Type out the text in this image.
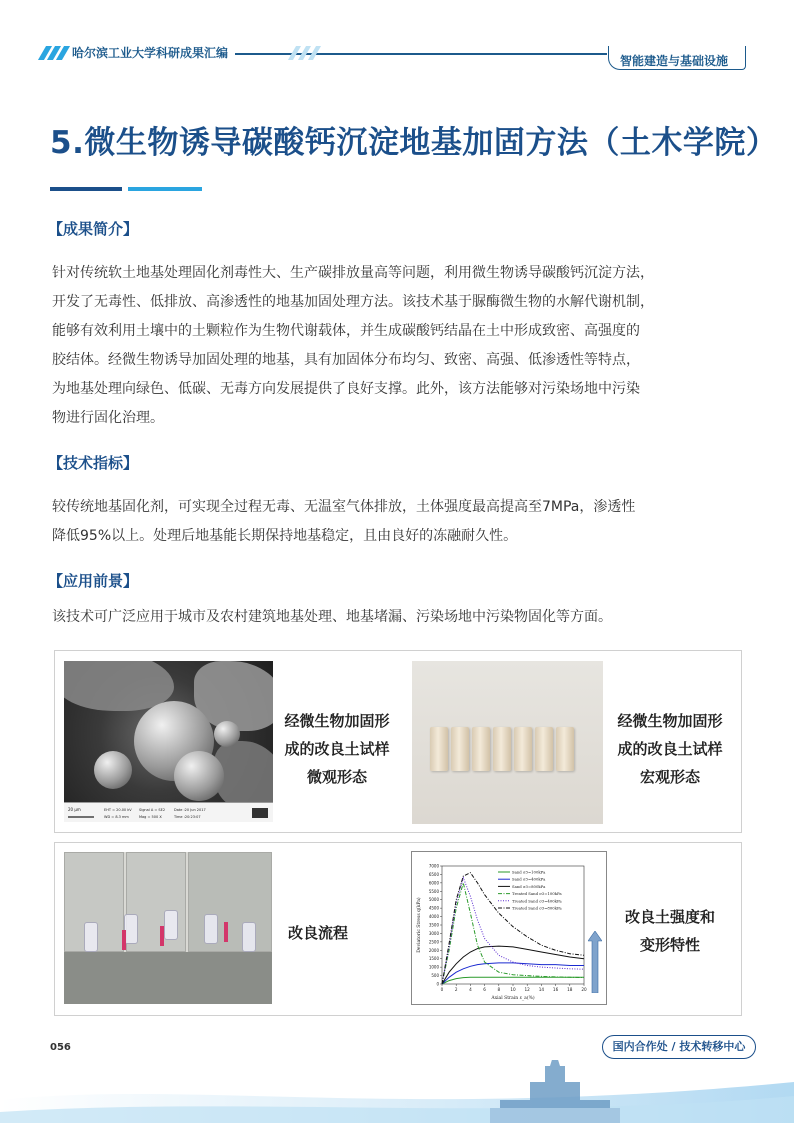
哈尔滨工业大学科研成果汇编
智能建造与基础设施
5.微生物诱导碳酸钙沉淀地基加固方法（土木学院）
【成果简介】
针对传统软土地基处理固化剂毒性大、生产碳排放量高等问题，利用微生物诱导碳酸钙沉淀方法，
开发了无毒性、低排放、高渗透性的地基加固处理方法。该技术基于脲酶微生物的水解代谢机制，
能够有效利用土壤中的土颗粒作为生物代谢载体，并生成碳酸钙结晶在土中形成致密、高强度的
胶结体。经微生物诱导加固处理的地基，具有加固体分布均匀、致密、高强、低渗透性等特点，
为地基处理向绿色、低碳、无毒方向发展提供了良好支撑。此外，该方法能够对污染场地中污染
物进行固化治理。
【技术指标】
较传统地基固化剂，可实现全过程无毒、无温室气体排放，土体强度最高提高至7MPa，渗透性
降低95%以上。处理后地基能长期保持地基稳定，且由良好的冻融耐久性。
【应用前景】
该技术可广泛应用于城市及农村建筑地基处理、地基堵漏、污染场地中污染物固化等方面。
20 μm	EHT = 20.00 kV
WD = 8.3 mm
Signal A = SE2
Mag = 500 X
Date :20 Jun 2017
Time :20:23:07
经微生物加固形
成的改良土试样
微观形态
经微生物加固形
成的改良土试样
宏观形态
改良流程
0	2	4	6	8 10 12 14 16 18 20
0
500
1000
1500
2000
2500
3000
3500
4000
4500
5000
5500
6000
6500
7000
Axial Strain ε_a(%)
Deviatoric Stress q(kPa)
Sand σ3=100kPa
Sand σ3=400kPa
Sand σ3=800kPa
Treated Sand σ3=100kPa
Treated Sand σ3=400kPa
Treated Sand σ3=800kPa	改良土强度和
变形特性
056	国内合作处 / 技术转移中心
